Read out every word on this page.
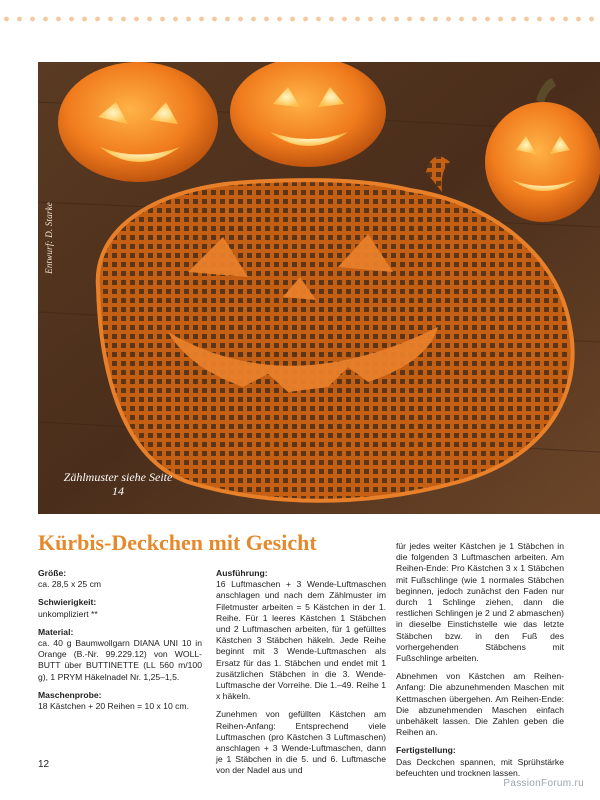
Entwurf: D. Starke
Zählmuster siehe Seite 14
Kürbis-Deckchen mit Gesicht
Größe:
ca. 28,5 x 25 cm
Schwierigkeit:
unkompliziert **
Material:
ca. 40 g Baumwollgarn DIANA UNI 10 in Orange (B.-Nr. 99.229.12) von WOLL-BUTT über BUTTINETTE (LL 560 m/100 g), 1 PRYM Häkelnadel Nr. 1,25–1,5.
Maschenprobe:
18 Kästchen + 20 Reihen = 10 x 10 cm.
Ausführung:
16 Luftmaschen + 3 Wende-Luftmaschen anschlagen und nach dem Zählmuster im Filetmuster arbeiten = 5 Kästchen in der 1. Reihe. Für 1 leeres Kästchen 1 Stäbchen und 2 Luftmaschen arbeiten, für 1 gefülltes Kästchen 3 Stäbchen häkeln. Jede Reihe beginnt mit 3 Wende-Luftmaschen als Ersatz für das 1. Stäbchen und endet mit 1 zusätzlichen Stäbchen in die 3. Wende-Luftmasche der Vorreihe. Die 1.–49. Reihe 1 x häkeln.
Zunehmen von gefüllten Kästchen am Reihen-Anfang: Entsprechend viele Luftmaschen (pro Kästchen 3 Luftmaschen) anschlagen + 3 Wende-Luftmaschen, dann je 1 Stäbchen in die 5. und 6. Luftmasche von der Nadel aus und
für jedes weiter Kästchen je 1 Stäbchen in die folgenden 3 Luftmaschen arbeiten. Am Reihen-Ende: Pro Kästchen 3 x 1 Stäbchen mit Fußschlinge (wie 1 normales Stäbchen beginnen, jedoch zunächst den Faden nur durch 1 Schlinge ziehen, dann die restlichen Schlingen je 2 und 2 abmaschen) in dieselbe Einstichstelle wie das letzte Stäbchen bzw. in den Fuß des vorhergehenden Stäbchens mit Fußschlinge arbeiten.
Abnehmen von Kästchen am Reihen-Anfang: Die abzunehmenden Maschen mit Kettmaschen übergehen. Am Reihen-Ende: Die abzunehmenden Maschen einfach unbehäkelt lassen. Die Zahlen geben die Reihen an.
Fertigstellung:
Das Deckchen spannen, mit Sprühstärke befeuchten und trocknen lassen.
12
PassionForum.ru
